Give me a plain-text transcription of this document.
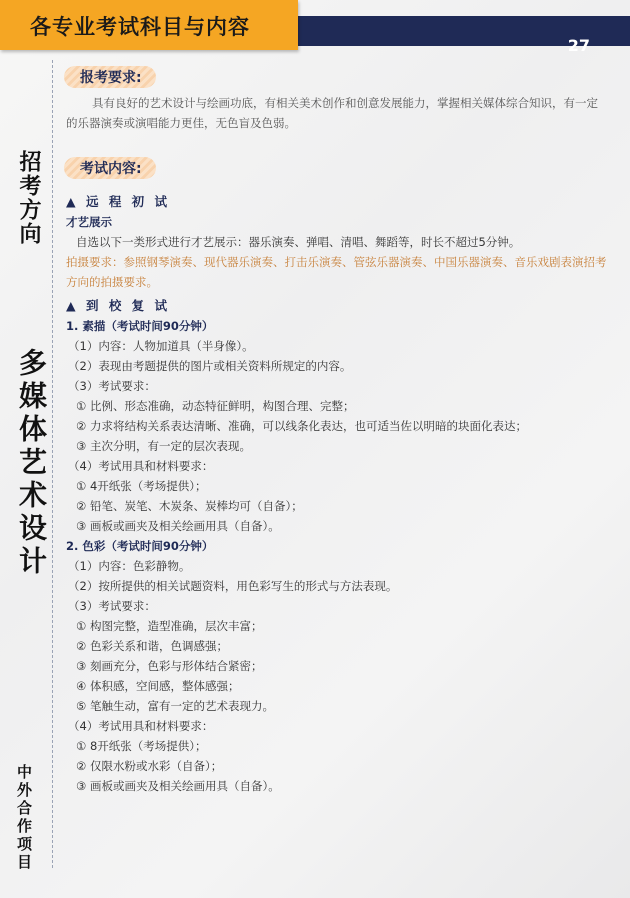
27
各专业考试科目与内容
招考方向
多媒体艺术设计
中外合作项目
报考要求:
具有良好的艺术设计与绘画功底，有相关美术创作和创意发展能力，掌握相关媒体综合知识，有一定的乐器演奏或演唱能力更佳，无色盲及色弱。
考试内容:
▲ 远 程 初 试
才艺展示
自选以下一类形式进行才艺展示：器乐演奏、弹唱、清唱、舞蹈等，时长不超过5分钟。
拍摄要求：参照钢琴演奏、现代器乐演奏、打击乐演奏、管弦乐器演奏、中国乐器演奏、音乐戏剧表演招考方向的拍摄要求。
▲ 到 校 复 试
1. 素描（考试时间90分钟）
（1）内容：人物加道具（半身像）。
（2）表现由考题提供的图片或相关资料所规定的内容。
（3）考试要求：
① 比例、形态准确，动态特征鲜明，构图合理、完整；
② 力求将结构关系表达清晰、准确，可以线条化表达，也可适当佐以明暗的块面化表达；
③ 主次分明，有一定的层次表现。
（4）考试用具和材料要求：
① 4开纸张（考场提供）；
② 铅笔、炭笔、木炭条、炭棒均可（自备）；
③ 画板或画夹及相关绘画用具（自备）。
2. 色彩（考试时间90分钟）
（1）内容：色彩静物。
（2）按所提供的相关试题资料，用色彩写生的形式与方法表现。
（3）考试要求：
① 构图完整，造型准确，层次丰富；
② 色彩关系和谐，色调感强；
③ 刻画充分，色彩与形体结合紧密；
④ 体积感，空间感，整体感强；
⑤ 笔触生动，富有一定的艺术表现力。
（4）考试用具和材料要求：
① 8开纸张（考场提供）；
② 仅限水粉或水彩（自备）；
③ 画板或画夹及相关绘画用具（自备）。
